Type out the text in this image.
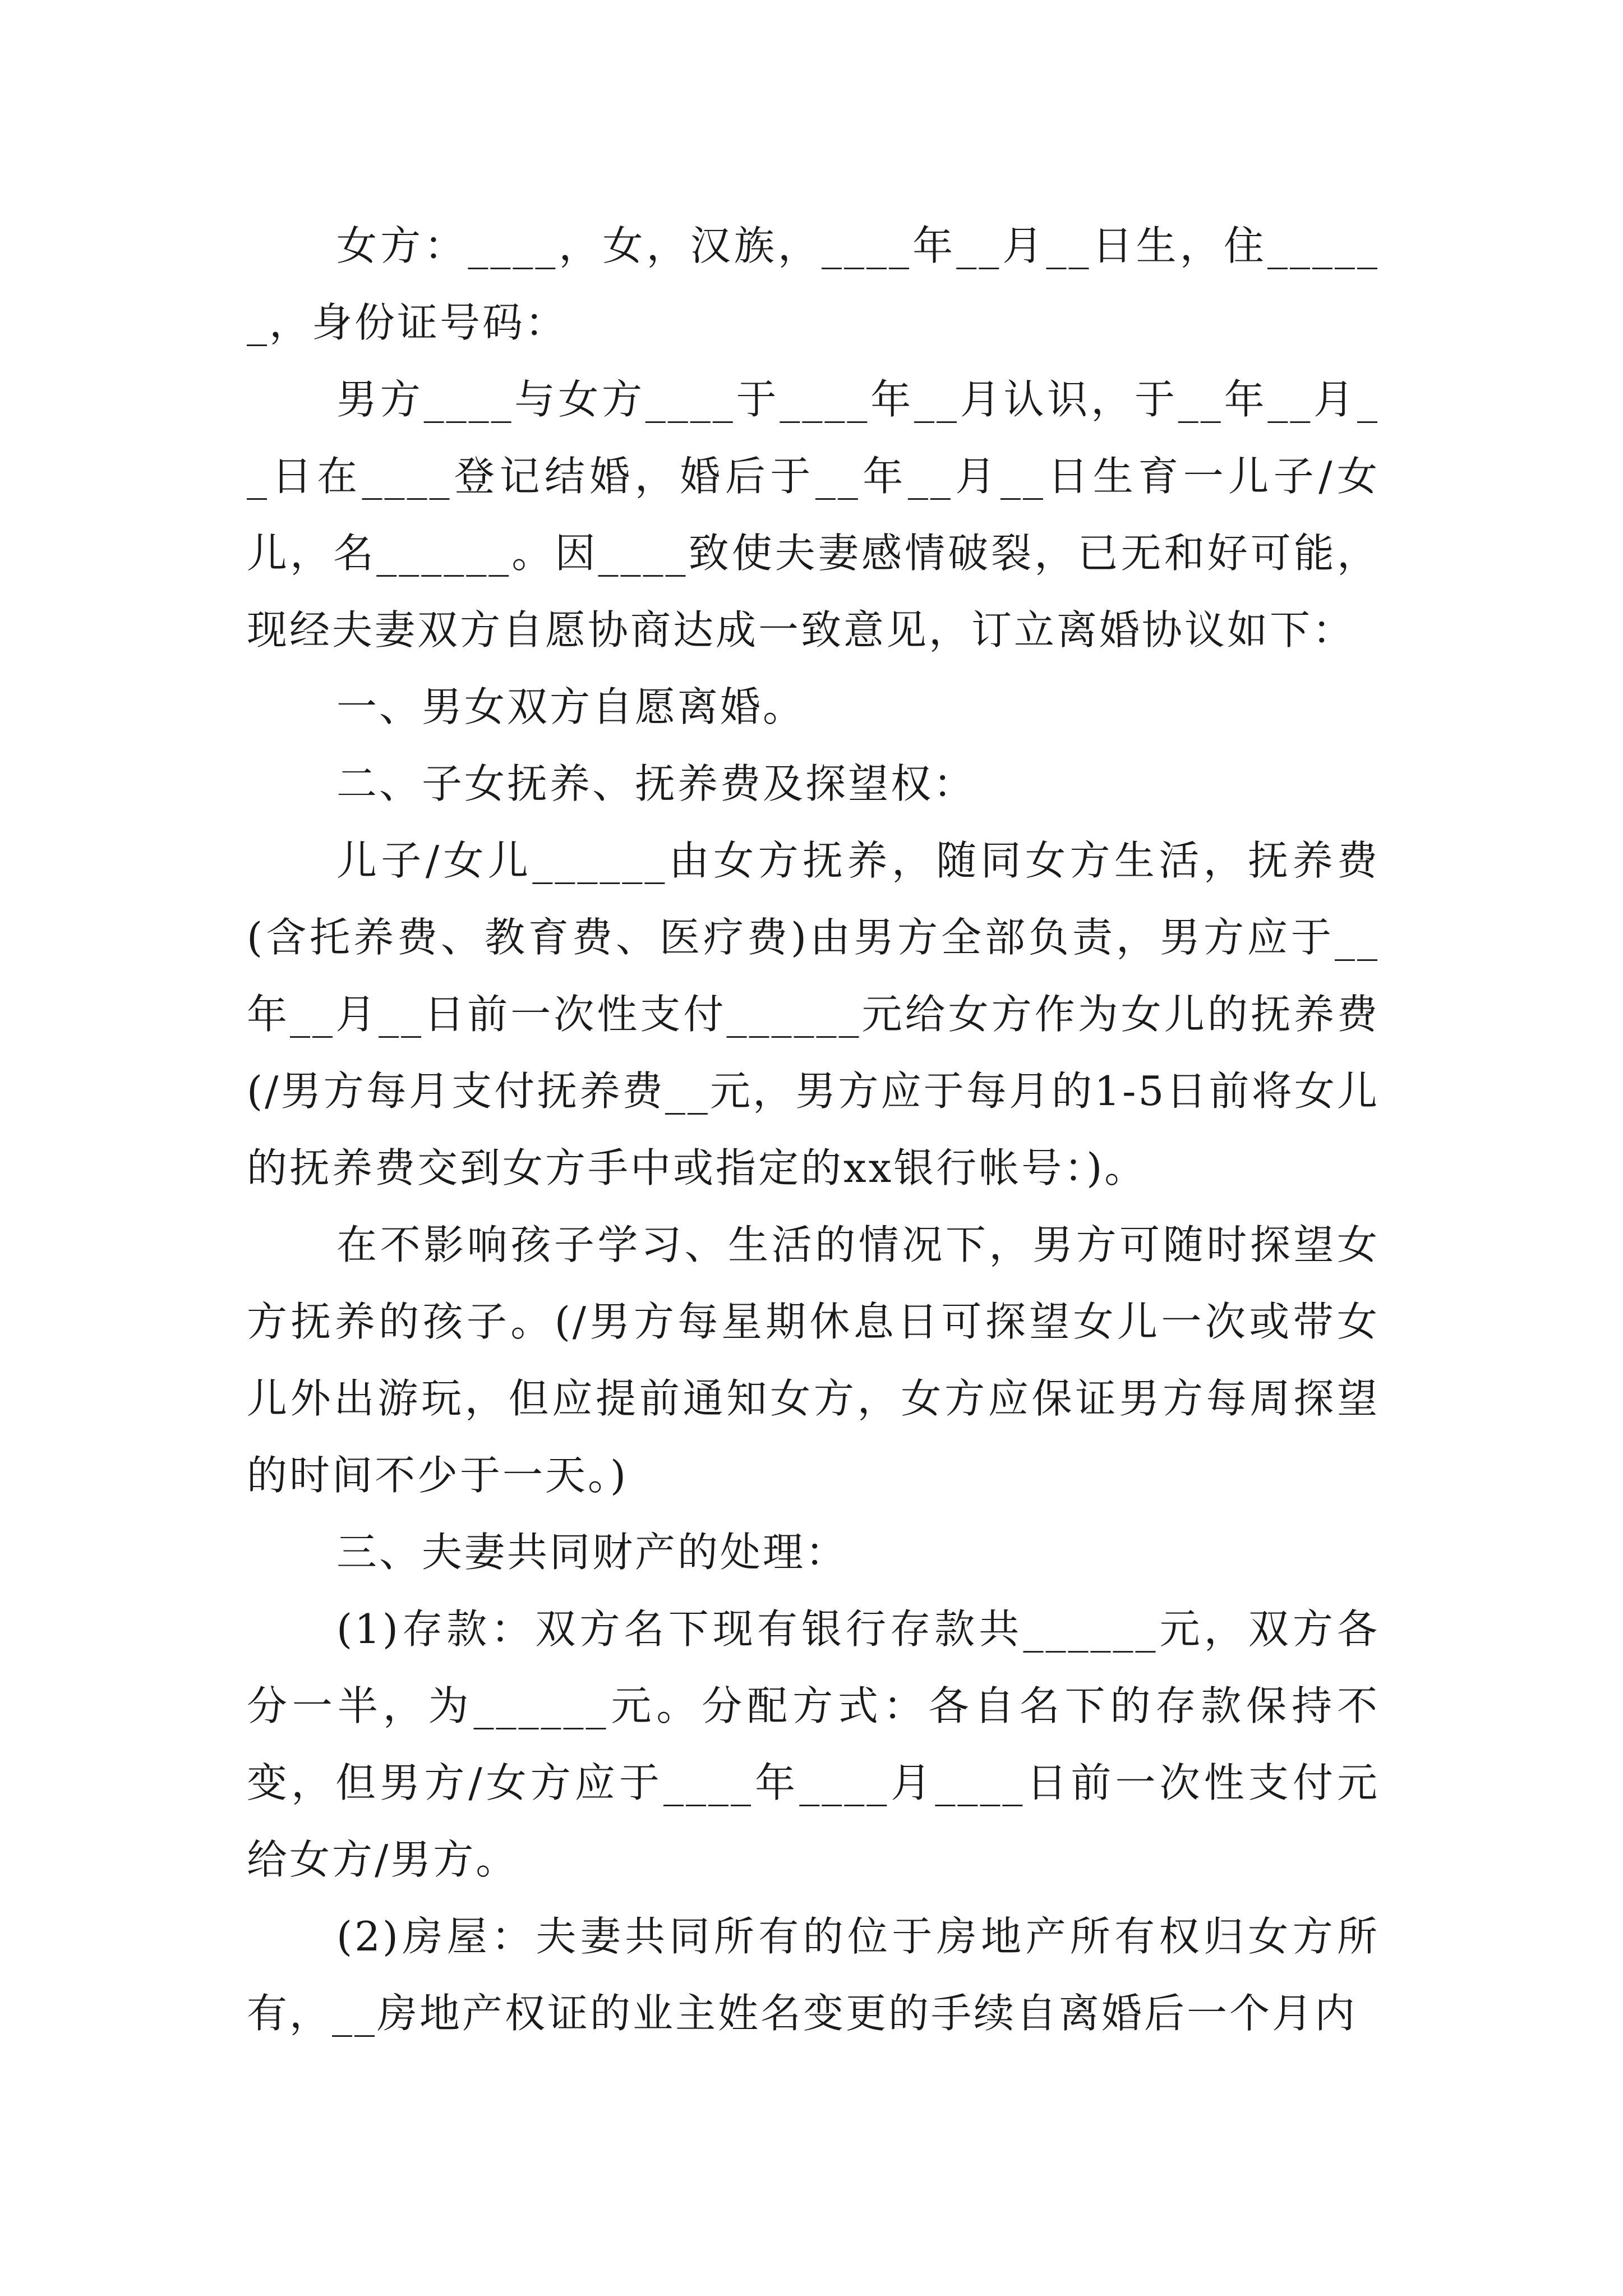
女方：____，女，汉族，____年__月__日生，住______，身份证号码：

男方____与女方____于____年__月认识，于__年__月__日在____登记结婚，婚后于__年__月__日生育一儿子/女儿，名______。因____致使夫妻感情破裂，已无和好可能，现经夫妻双方自愿协商达成一致意见，订立离婚协议如下：

一、男女双方自愿离婚。

二、子女抚养、抚养费及探望权：

儿子/女儿______由女方抚养，随同女方生活，抚养费(含托养费、教育费、医疗费)由男方全部负责，男方应于__年__月__日前一次性支付______元给女方作为女儿的抚养费(/男方每月支付抚养费__元，男方应于每月的1-5日前将女儿的抚养费交到女方手中或指定的xx银行帐号：)。

在不影响孩子学习、生活的情况下，男方可随时探望女方抚养的孩子。(/男方每星期休息日可探望女儿一次或带女儿外出游玩，但应提前通知女方，女方应保证男方每周探望的时间不少于一天。)

三、夫妻共同财产的处理：

(1)存款：双方名下现有银行存款共______元，双方各分一半，为______元。分配方式：各自名下的存款保持不变，但男方/女方应于____年____月____日前一次性支付元给女方/男方。

(2)房屋：夫妻共同所有的位于房地产所有权归女方所有，__房地产权证的业主姓名变更的手续自离婚后一个月内
